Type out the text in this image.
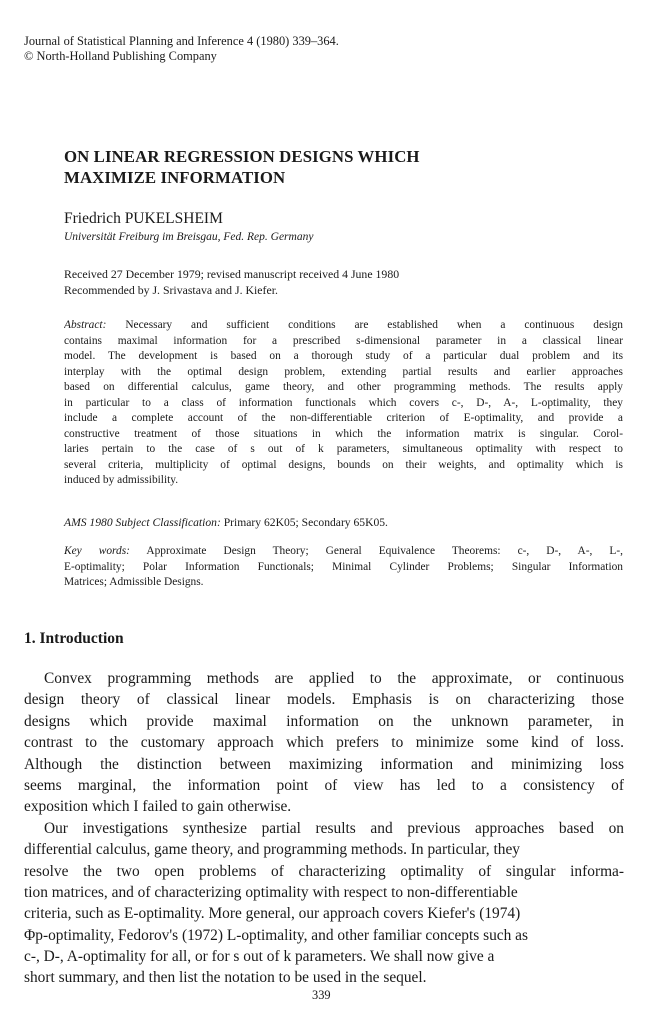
Journal of Statistical Planning and Inference 4 (1980) 339–364.
© North-Holland Publishing Company
ON LINEAR REGRESSION DESIGNS WHICH
MAXIMIZE INFORMATION
Friedrich PUKELSHEIM
Universität Freiburg im Breisgau, Fed. Rep. Germany
Received 27 December 1979; revised manuscript received 4 June 1980
Recommended by J. Srivastava and J. Kiefer.
Abstract: Necessary and sufficient conditions are established when a continuous design
contains maximal information for a prescribed s-dimensional parameter in a classical linear
model. The development is based on a thorough study of a particular dual problem and its
interplay with the optimal design problem, extending partial results and earlier approaches
based on differential calculus, game theory, and other programming methods. The results apply
in particular to a class of information functionals which covers c-, D-, A-, L-optimality, they
include a complete account of the non-differentiable criterion of E-optimality, and provide a
constructive treatment of those situations in which the information matrix is singular. Corol-
laries pertain to the case of s out of k parameters, simultaneous optimality with respect to
several criteria, multiplicity of optimal designs, bounds on their weights, and optimality which is
induced by admissibility.
AMS 1980 Subject Classification: Primary 62K05; Secondary 65K05.
Key words: Approximate Design Theory; General Equivalence Theorems: c-, D-, A-, L-,
E-optimality; Polar Information Functionals; Minimal Cylinder Problems; Singular Information
Matrices; Admissible Designs.
1. Introduction
Convex programming methods are applied to the approximate, or continuous
design theory of classical linear models. Emphasis is on characterizing those
designs which provide maximal information on the unknown parameter, in
contrast to the customary approach which prefers to minimize some kind of loss.
Although the distinction between maximizing information and minimizing loss
seems marginal, the information point of view has led to a consistency of
exposition which I failed to gain otherwise.
Our investigations synthesize partial results and previous approaches based on
differential calculus, game theory, and programming methods. In particular, they
resolve the two open problems of characterizing optimality of singular informa-
tion matrices, and of characterizing optimality with respect to non-differentiable
criteria, such as E-optimality. More general, our approach covers Kiefer's (1974)
Φp-optimality, Fedorov's (1972) L-optimality, and other familiar concepts such as
c-, D-, A-optimality for all, or for s out of k parameters. We shall now give a
short summary, and then list the notation to be used in the sequel.
339
